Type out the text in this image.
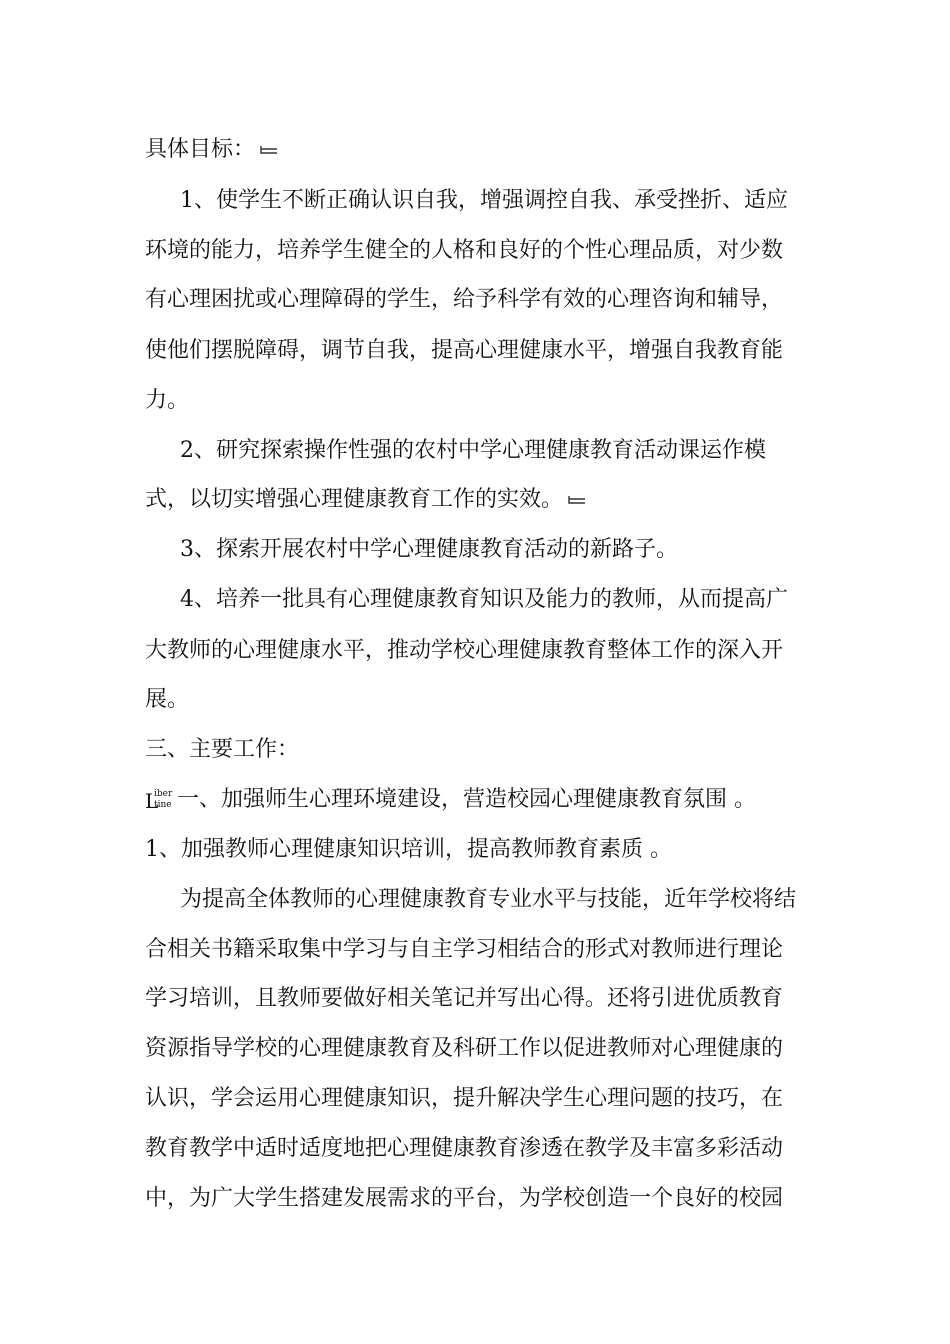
具体目标：
1、使学生不断正确认识自我，增强调控自我、承受挫折、适应
环境的能力，培养学生健全的人格和良好的个性心理品质，对少数
有心理困扰或心理障碍的学生，给予科学有效的心理咨询和辅导，
使他们摆脱障碍，调节自我，提高心理健康水平，增强自我教育能
力。
2、研究探索操作性强的农村中学心理健康教育活动课运作模
式，以切实增强心理健康教育工作的实效。
3、探索开展农村中学心理健康教育活动的新路子。
4、培养一批具有心理健康教育知识及能力的教师，从而提高广
大教师的心理健康水平，推动学校心理健康教育整体工作的深入开
展。
三、主要工作：
L
iber
tine 一、加强师生心理环境建设，营造校园心理健康教育氛围 。
1、加强教师心理健康知识培训，提高教师教育素质 。
为提高全体教师的心理健康教育专业水平与技能，近年学校将结
合相关书籍采取集中学习与自主学习相结合的形式对教师进行理论
学习培训，且教师要做好相关笔记并写出心得。还将引进优质教育
资源指导学校的心理健康教育及科研工作以促进教师对心理健康的
认识，学会运用心理健康知识，提升解决学生心理问题的技巧，在
教育教学中适时适度地把心理健康教育渗透在教学及丰富多彩活动
中，为广大学生搭建发展需求的平台，为学校创造一个良好的校园
